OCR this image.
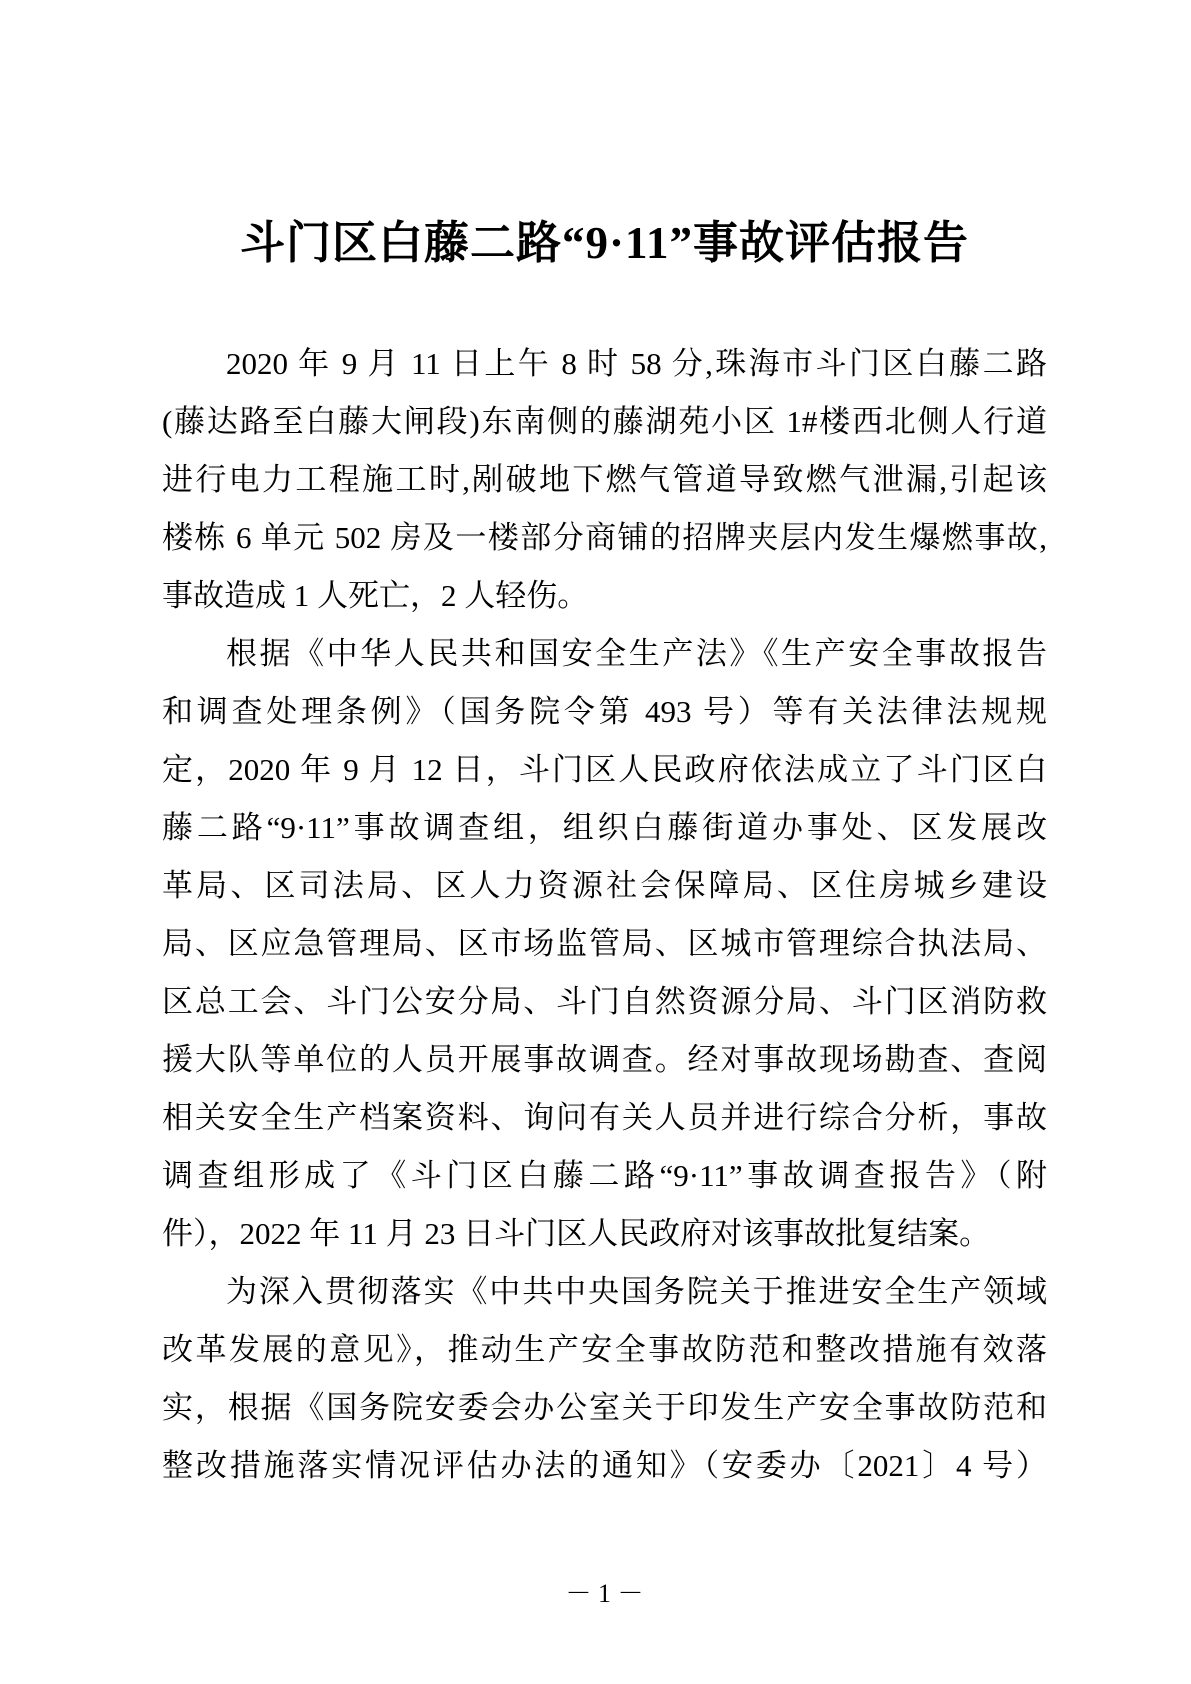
斗门区白藤二路“9·11”事故评估报告
2020 年 9 月 11 日上午 8 时 58 分,珠海市斗门区白藤二路
(藤达路至白藤大闸段)东南侧的藤湖苑小区 1#楼西北侧人行道
进行电力工程施工时,剐破地下燃气管道导致燃气泄漏,引起该
楼栋 6 单元 502 房及一楼部分商铺的招牌夹层内发生爆燃事故,
事故造成 1 人死亡，2 人轻伤。
根据《中华人民共和国安全生产法》《生产安全事故报告
和调查处理条例》（国务院令第 493 号）等有关法律法规规
定，2020 年 9 月 12 日，斗门区人民政府依法成立了斗门区白
藤二路“9·11”事故调查组，组织白藤街道办事处、区发展改
革局、区司法局、区人力资源社会保障局、区住房城乡建设
局、区应急管理局、区市场监管局、区城市管理综合执法局、
区总工会、斗门公安分局、斗门自然资源分局、斗门区消防救
援大队等单位的人员开展事故调查。经对事故现场勘查、查阅
相关安全生产档案资料、询问有关人员并进行综合分析，事故
调查组形成了《斗门区白藤二路“9·11”事故调查报告》（附
件），2022 年 11 月 23 日斗门区人民政府对该事故批复结案。
为深入贯彻落实《中共中央国务院关于推进安全生产领域
改革发展的意见》，推动生产安全事故防范和整改措施有效落
实，根据《国务院安委会办公室关于印发生产安全事故防范和
整改措施落实情况评估办法的通知》（安委办〔2021〕4 号）
－ 1 －
